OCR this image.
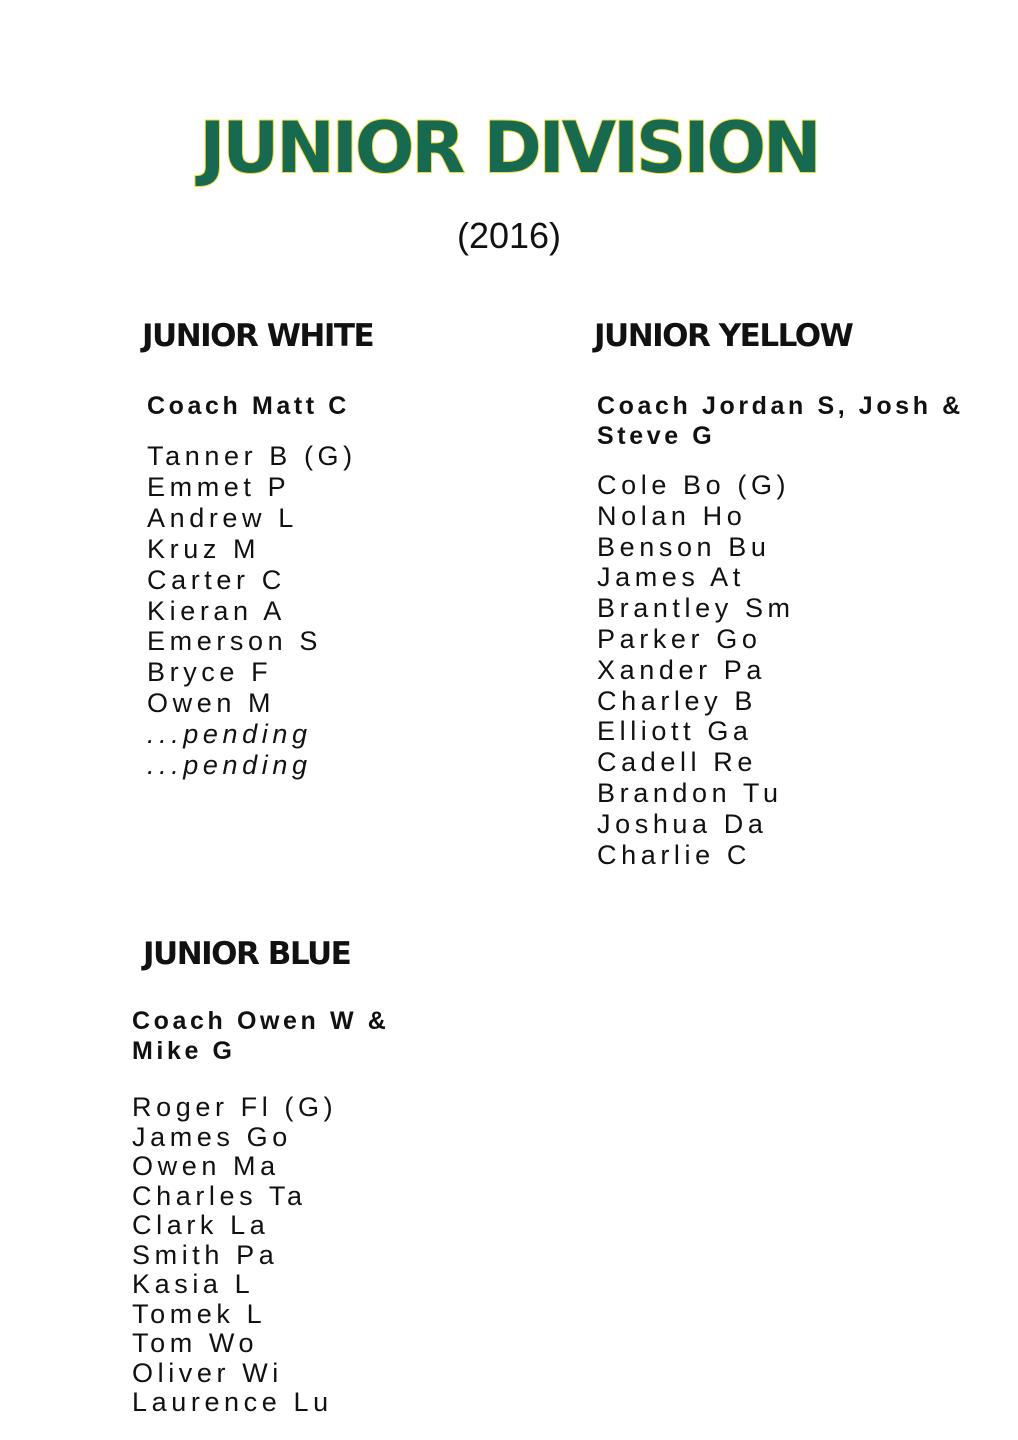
JUNIOR DIVISION
(2016)
JUNIOR WHITE
Coach Matt C
Tanner B (G)
Emmet P
Andrew L
Kruz M
Carter C
Kieran A
Emerson S
Bryce F
Owen M
...pending
...pending
JUNIOR YELLOW
Coach Jordan S, Josh & Steve G
Cole Bo (G)
Nolan Ho
Benson Bu
James At
Brantley Sm
Parker Go
Xander Pa
Charley B
Elliott Ga
Cadell Re
Brandon Tu
Joshua Da
Charlie C
JUNIOR BLUE
Coach Owen W & Mike G
Roger Fl (G)
James Go
Owen Ma
Charles Ta
Clark La
Smith Pa
Kasia L
Tomek L
Tom Wo
Oliver Wi
Laurence Lu
